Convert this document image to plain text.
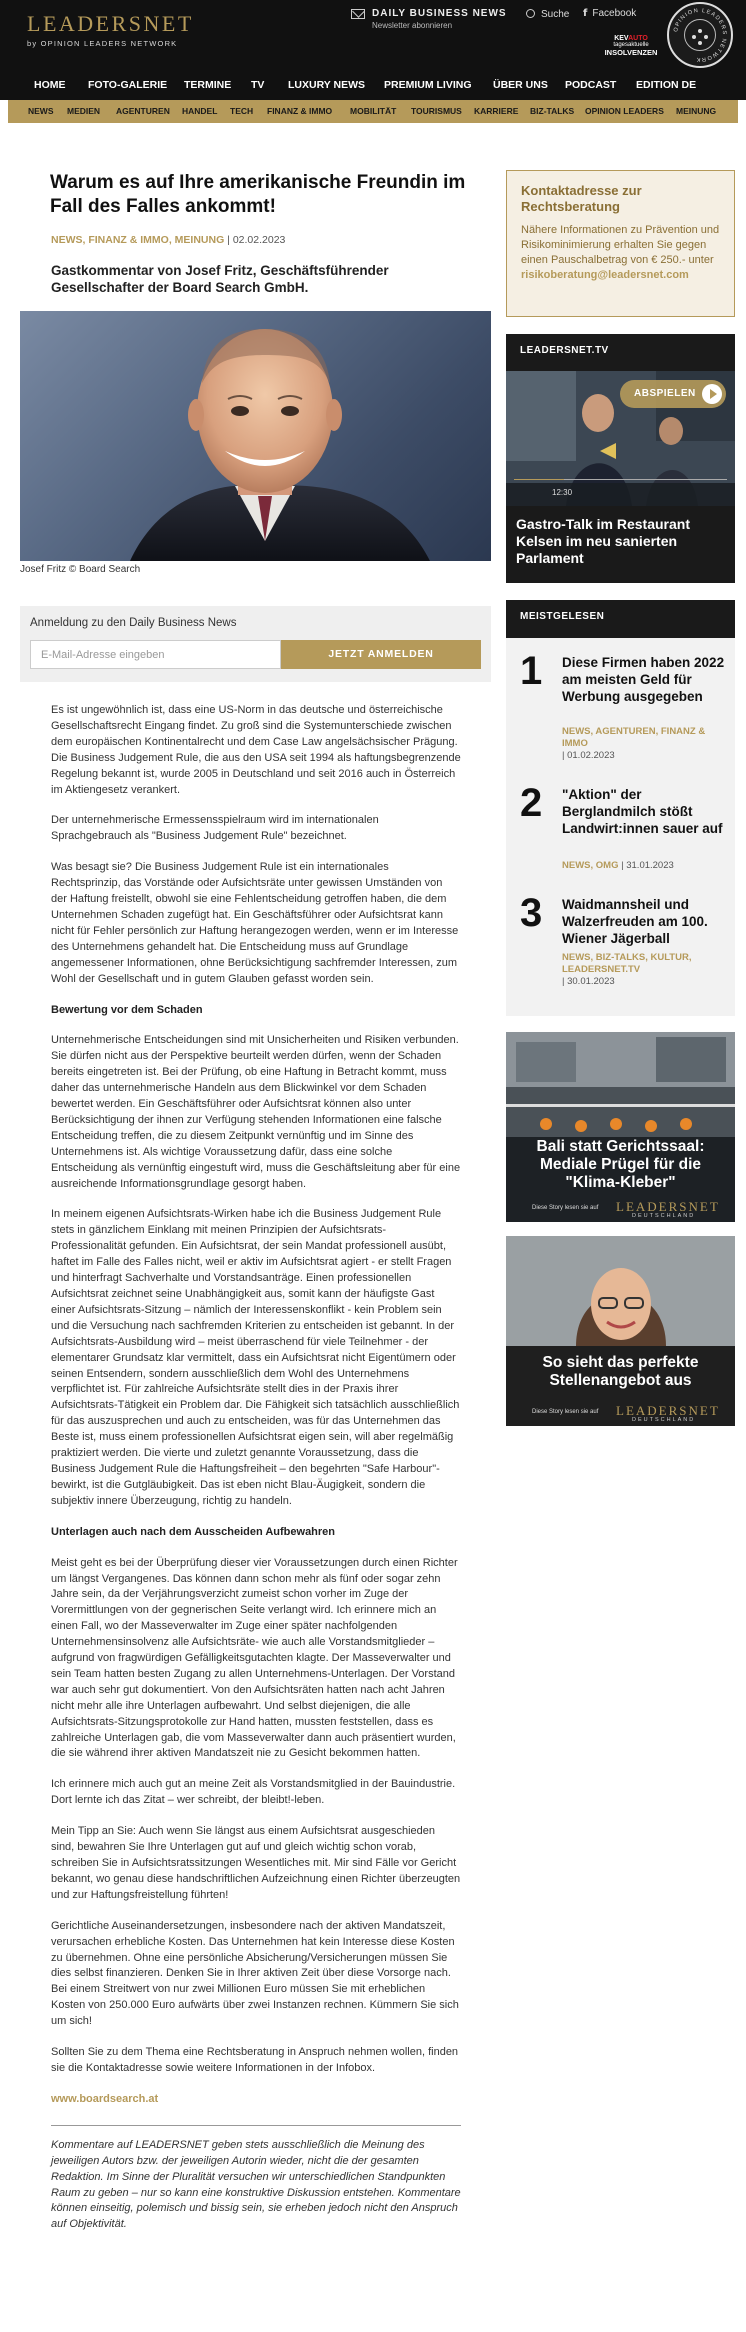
LEADERSNET
by OPINION LEADERS NETWORK
DAILY BUSINESS NEWS
Newsletter abonnieren
Suche f Facebook
KEVAUTO
tagesaktuelle
INSOLVENZEN
OPINION LEADERS NETWORK
HOME FOTO-GALERIE TERMINE TV LUXURY NEWS PREMIUM LIVING ÜBER UNS PODCAST EDITION DE
NEWS MEDIEN AGENTUREN HANDEL TECH FINANZ & IMMO MOBILITÄT TOURISMUS KARRIERE BIZ-TALKS OPINION LEADERS MEINUNG
Warum es auf Ihre amerikanische Freundin im Fall des Falles ankommt!
NEWS, FINANZ & IMMO, MEINUNG | 02.02.2023
Gastkommentar von Josef Fritz, Geschäftsführender Gesellschafter der Board Search GmbH.
Josef Fritz © Board Search
Anmeldung zu den Daily Business News
E-Mail-Adresse eingeben
JETZT ANMELDEN

Es ist ungewöhnlich ist, dass eine US-Norm in das deutsche und österreichische Gesellschaftsrecht Eingang findet. Zu groß sind die Systemunterschiede zwischen dem europäischen Kontinentalrecht und dem Case Law angelsächsischer Prägung. Die Business Judgement Rule, die aus den USA seit 1994 als haftungsbegrenzende Regelung bekannt ist, wurde 2005 in Deutschland und seit 2016 auch in Österreich im Aktiengesetz verankert.

Der unternehmerische Ermessensspielraum wird im internationalen Sprachgebrauch als "Business Judgement Rule" bezeichnet.

Was besagt sie? Die Business Judgement Rule ist ein internationales Rechtsprinzip, das Vorstände oder Aufsichtsräte unter gewissen Umständen von der Haftung freistellt, obwohl sie eine Fehlentscheidung getroffen haben, die dem Unternehmen Schaden zugefügt hat. Ein Geschäftsführer oder Aufsichtsrat kann nicht für Fehler persönlich zur Haftung herangezogen werden, wenn er im Interesse des Unternehmens gehandelt hat. Die Entscheidung muss auf Grundlage angemessener Informationen, ohne Berücksichtigung sachfremder Interessen, zum Wohl der Gesellschaft und in gutem Glauben gefasst worden sein.

Bewertung vor dem Schaden

Unternehmerische Entscheidungen sind mit Unsicherheiten und Risiken verbunden. Sie dürfen nicht aus der Perspektive beurteilt werden dürfen, wenn der Schaden bereits eingetreten ist. Bei der Prüfung, ob eine Haftung in Betracht kommt, muss daher das unternehmerische Handeln aus dem Blickwinkel vor dem Schaden bewertet werden. Ein Geschäftsführer oder Aufsichtsrat können also unter Berücksichtigung der ihnen zur Verfügung stehenden Informationen eine falsche Entscheidung treffen, die zu diesem Zeitpunkt vernünftig und im Sinne des Unternehmens ist. Als wichtige Voraussetzung dafür, dass eine solche Entscheidung als vernünftig eingestuft wird, muss die Geschäftsleitung aber für eine ausreichende Informationsgrundlage gesorgt haben.

In meinem eigenen Aufsichtsrats-Wirken habe ich die Business Judgement Rule stets in gänzlichem Einklang mit meinen Prinzipien der Aufsichtsrats-Professionalität gefunden. Ein Aufsichtsrat, der sein Mandat professionell ausübt, haftet im Falle des Falles nicht, weil er aktiv im Aufsichtsrat agiert - er stellt Fragen und hinterfragt Sachverhalte und Vorstandsanträge. Einen professionellen Aufsichtsrat zeichnet seine Unabhängigkeit aus, somit kann der häufigste Gast einer Aufsichtsrats-Sitzung – nämlich der Interessenskonflikt - kein Problem sein und die Versuchung nach sachfremden Kriterien zu entscheiden ist gebannt. In der Aufsichtsrats-Ausbildung wird – meist überraschend für viele Teilnehmer - der elementarer Grundsatz klar vermittelt, dass ein Aufsichtsrat nicht Eigentümern oder seinen Entsendern, sondern ausschließlich dem Wohl des Unternehmens verpflichtet ist. Für zahlreiche Aufsichtsräte stellt dies in der Praxis ihrer Aufsichtsrats-Tätigkeit ein Problem dar. Die Fähigkeit sich tatsächlich ausschließlich für das auszusprechen und auch zu entscheiden, was für das Unternehmen das Beste ist, muss einem professionellen Aufsichtsrat eigen sein, will aber regelmäßig praktiziert werden. Die vierte und zuletzt genannte Voraussetzung, dass die Business Judgement Rule die Haftungsfreiheit – den begehrten "Safe Harbour"- bewirkt, ist die Gutgläubigkeit. Das ist eben nicht Blau-Äugigkeit, sondern die subjektiv innere Überzeugung, richtig zu handeln.

Unterlagen auch nach dem Ausscheiden Aufbewahren

Meist geht es bei der Überprüfung dieser vier Voraussetzungen durch einen Richter um längst Vergangenes. Das können dann schon mehr als fünf oder sogar zehn Jahre sein, da der Verjährungsverzicht zumeist schon vorher im Zuge der Vorermittlungen von der gegnerischen Seite verlangt wird. Ich erinnere mich an einen Fall, wo der Masseverwalter im Zuge einer später nachfolgenden Unternehmensinsolvenz alle Aufsichtsräte- wie auch alle Vorstandsmitglieder – aufgrund von fragwürdigen Gefälligkeitsgutachten klagte. Der Masseverwalter und sein Team hatten besten Zugang zu allen Unternehmens-Unterlagen. Der Vorstand war auch sehr gut dokumentiert. Von den Aufsichtsräten hatten nach acht Jahren nicht mehr alle ihre Unterlagen aufbewahrt. Und selbst diejenigen, die alle Aufsichtsrats-Sitzungsprotokolle zur Hand hatten, mussten feststellen, dass es zahlreiche Unterlagen gab, die vom Masseverwalter dann auch präsentiert wurden, die sie während ihrer aktiven Mandatszeit nie zu Gesicht bekommen hatten.

Ich erinnere mich auch gut an meine Zeit als Vorstandsmitglied in der Bauindustrie. Dort lernte ich das Zitat – wer schreibt, der bleibt!-leben.

Mein Tipp an Sie: Auch wenn Sie längst aus einem Aufsichtsrat ausgeschieden sind, bewahren Sie Ihre Unterlagen gut auf und gleich wichtig schon vorab, schreiben Sie in Aufsichtsratssitzungen Wesentliches mit. Mir sind Fälle vor Gericht bekannt, wo genau diese handschriftlichen Aufzeichnung einen Richter überzeugten und zur Haftungsfreistellung führten!

Gerichtliche Auseinandersetzungen, insbesondere nach der aktiven Mandatszeit, verursachen erhebliche Kosten. Das Unternehmen hat kein Interesse diese Kosten zu übernehmen. Ohne eine persönliche Absicherung/Versicherungen müssen Sie dies selbst finanzieren. Denken Sie in Ihrer aktiven Zeit über diese Vorsorge nach. Bei einem Streitwert von nur zwei Millionen Euro müssen Sie mit erheblichen Kosten von 250.000 Euro aufwärts über zwei Instanzen rechnen. Kümmern Sie sich um sich!

Sollten Sie zu dem Thema eine Rechtsberatung in Anspruch nehmen wollen, finden sie die Kontaktadresse sowie weitere Informationen in der Infobox.

www.boardsearch.at

Kommentare auf LEADERSNET geben stets ausschließlich die Meinung des jeweiligen Autors bzw. der jeweiligen Autorin wieder, nicht die der gesamten Redaktion. Im Sinne der Pluralität versuchen wir unterschiedlichen Standpunkten Raum zu geben – nur so kann eine konstruktive Diskussion entstehen. Kommentare können einseitig, polemisch und bissig sein, sie erheben jedoch nicht den Anspruch auf Objektivität.

Kontaktadresse zur Rechtsberatung
Nähere Informationen zu Prävention und Risikominimierung erhalten Sie gegen einen Pauschalbetrag von € 250.- unter
risikoberatung@leadersnet.com
LEADERSNET.TV
ABSPIELEN
12:30
Gastro-Talk im Restaurant Kelsen im neu sanierten Parlament
MEISTGELESEN
1 Diese Firmen haben 2022 am meisten Geld für Werbung ausgegeben
NEWS, AGENTUREN, FINANZ & IMMO
| 01.02.2023
2 "Aktion" der Berglandmilch stößt Landwirt:innen sauer auf
NEWS, OMG | 31.01.2023
3 Waidmannsheil und Walzerfreuden am 100. Wiener Jägerball
NEWS, BIZ-TALKS, KULTUR, LEADERSNET.TV
| 30.01.2023
Bali statt Gerichtssaal: Mediale Prügel für die "Klima-Kleber"
Diese Story lesen sie auf LEADERSNET
DEUTSCHLAND
So sieht das perfekte Stellenangebot aus
Diese Story lesen sie auf LEADERSNET
DEUTSCHLAND
